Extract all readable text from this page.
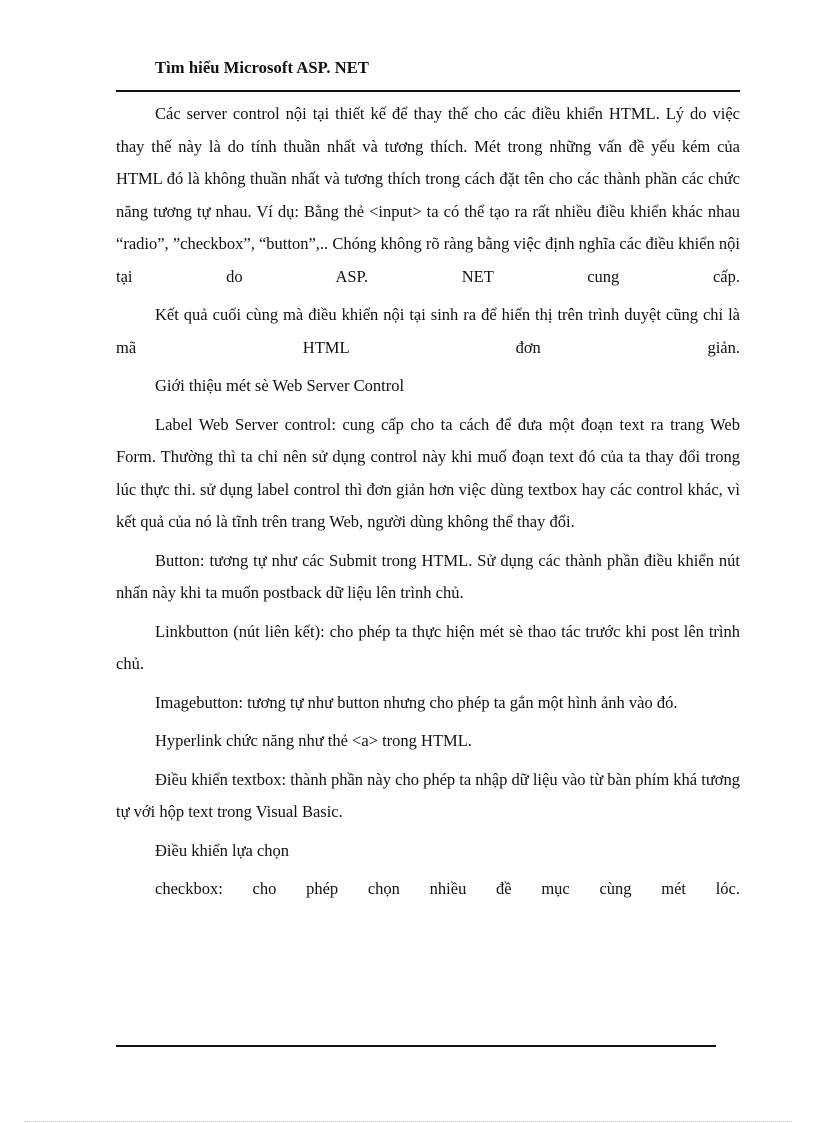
Tìm hiểu Microsoft ASP. NET

Các server control nội tại thiết kế để thay thế cho các điều khiển HTML. Lý do việc thay thế này là do tính thuần nhất và tương thích. Mét trong những vấn đề yếu kém của HTML đó là không thuần nhất và tương thích trong cách đặt tên cho các thành phần các chức năng tương tự nhau. Ví dụ: Bằng thẻ <input> ta có thể tạo ra rất nhiều điều khiển khác nhau “radio”, ”checkbox”, “button”,.. Chóng không rõ ràng bằng việc định nghĩa các điều khiển nội tại do ASP. NET cung cấp.

Kết quả cuối cùng mà điều khiển nội tại sinh ra để hiển thị trên trình duyệt cũng chỉ là mã HTML đơn giản.

Giới thiệu mét sè Web Server Control

Label Web Server control: cung cấp cho ta cách để đưa một đoạn text ra trang Web Form. Thường thì ta chỉ nên sử dụng control này khi muố đoạn text đó của ta thay đổi trong lúc thực thi. sử dụng label control thì đơn giản hơn việc dùng textbox hay các control khác, vì kết quả của nó là tĩnh trên trang Web, người dùng không thể thay đổi.

Button: tương tự như các Submit trong HTML. Sử dụng các thành phần điều khiển nút nhấn này khi ta muốn postback dữ liệu lên trình chủ.

Linkbutton (nút liên kết): cho phép ta thực hiện mét sè thao tác trước khi post lên trình chủ.

Imagebutton: tương tự như button nhưng cho phép ta gắn một hình ảnh vào đó.

Hyperlink chức năng như thẻ <a> trong HTML.

Điều khiển textbox: thành phần này cho phép ta nhập dữ liệu vào từ bàn phím khá tương tự với hộp text trong Visual Basic.

Điều khiển lựa chọn

checkbox: cho phép chọn nhiều đề mục cùng mét lóc.
